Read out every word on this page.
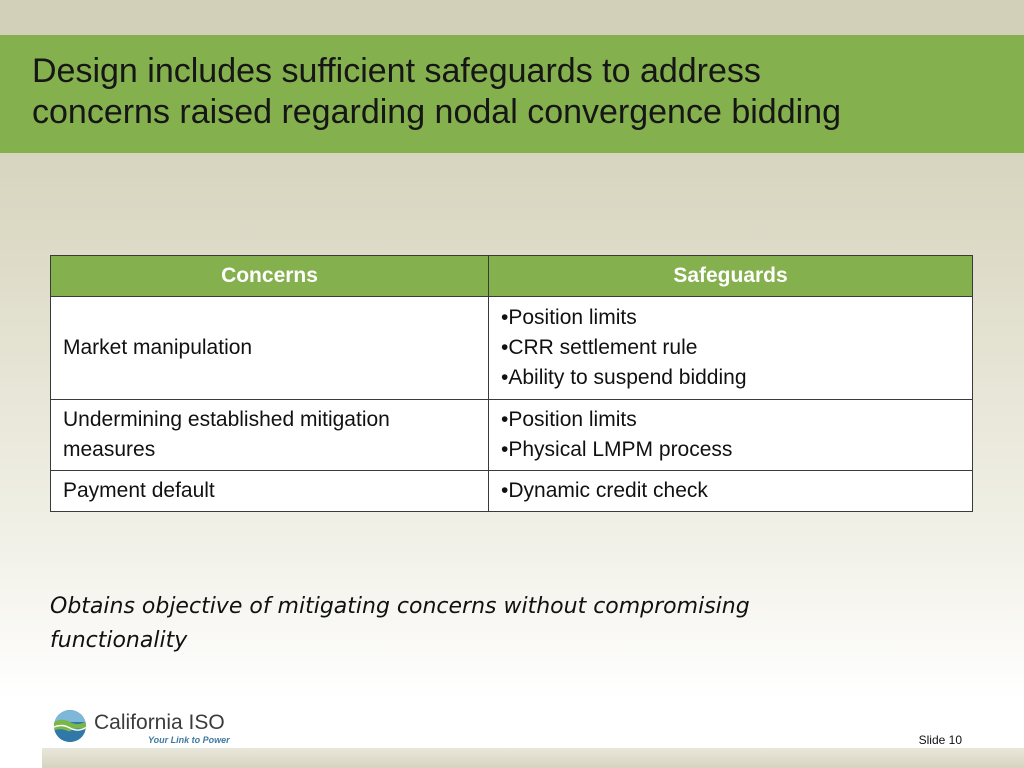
Design includes sufficient safeguards to address
concerns raised regarding nodal convergence bidding
Concerns	Safeguards
Market manipulation	•Position limits
•CRR settlement rule
•Ability to suspend bidding

Undermining established mitigation measures	•Position limits
•Physical LMPM process

Payment default	•Dynamic credit check

Obtains objective of mitigating concerns without compromising functionality

California ISO
Your Link to Power	Slide 10
